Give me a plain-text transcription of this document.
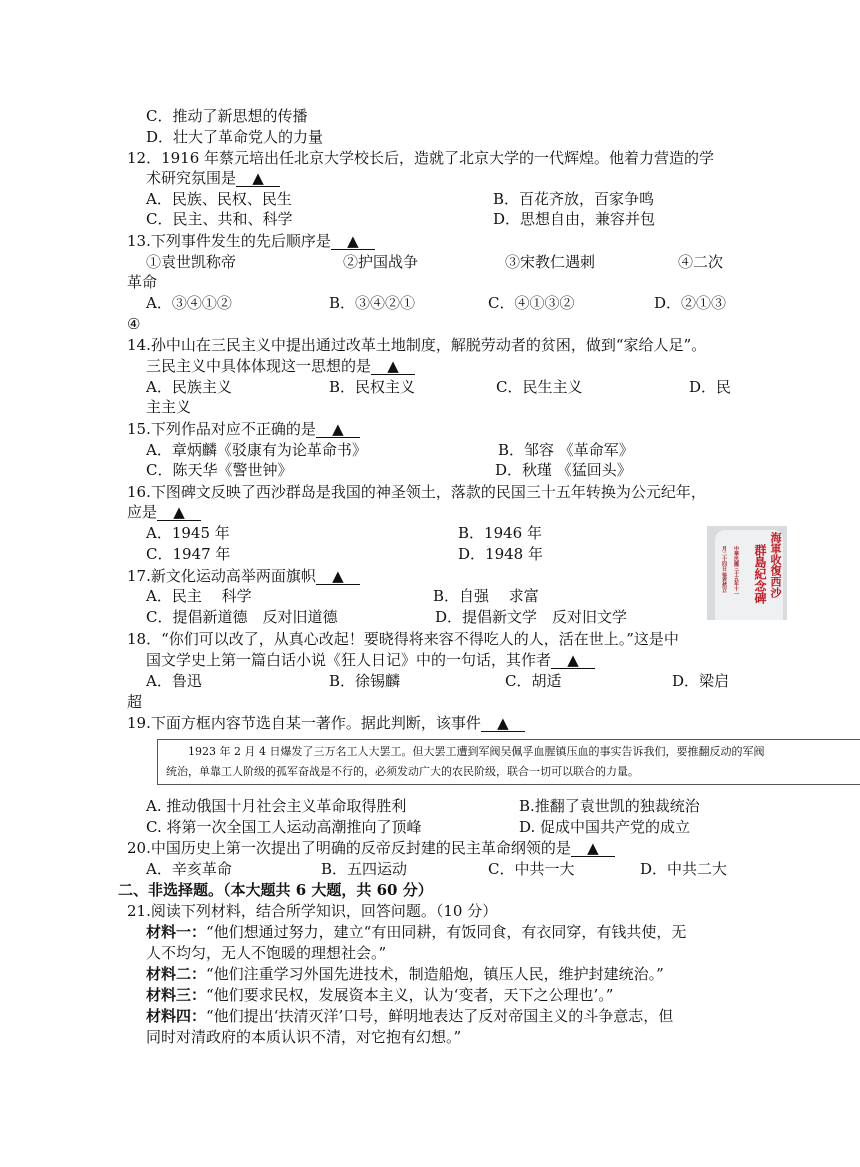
C．推动了新思想的传播
D．壮大了革命党人的力量
12．1916 年蔡元培出任北京大学校长后，造就了北京大学的一代辉煌。他着力营造的学
术研究氛围是 ▲
A．民族、民权、民生	B．百花齐放，百家争鸣
C．民主、共和、科学	D．思想自由，兼容并包
13.下列事件发生的先后顺序是 ▲
①袁世凯称帝	②护国战争	③宋教仁遇刺	④二次
革命
A．③④①②	B．③④②①	C．④①③②	D．②①③
④
14.孙中山在三民主义中提出通过改革土地制度，解脱劳动者的贫困，做到“家给人足”。
三民主义中具体体现这一思想的是 ▲
A．民族主义	B．民权主义	C．民生主义	D．民
主主义
15.下列作品对应不正确的是 ▲
A．章炳麟《驳康有为论革命书》	B．邹容 《革命军》
C．陈天华《警世钟》	D．秋瑾 《猛回头》
16.下图碑文反映了西沙群岛是我国的神圣领土，落款的民国三十五年转换为公元纪年，
应是 ▲
A．1945 年	B．1946 年
C．1947 年	D．1948 年
17.新文化运动高举两面旗帜 ▲
A．民主　 科学	B．自强　 求富
C．提倡新道德　反对旧道德	D．提倡新文学　反对旧文学
18．“你们可以改了，从真心改起！要晓得将来容不得吃人的人，活在世上。”这是中
国文学史上第一篇白话小说《狂人日记》中的一句话，其作者 ▲
A．鲁迅	B．徐锡麟	C．胡适	D．梁启
超
19.下面方框内容节选自某一著作。据此判断，该事件 ▲
A. 推动俄国十月社会主义革命取得胜利	B.推翻了袁世凯的独裁统治
C. 将第一次全国工人运动高潮推向了顶峰	D. 促成中国共产党的成立
20.中国历史上第一次提出了明确的反帝反封建的民主革命纲领的是 ▲
A．辛亥革命	B．五四运动	C．中共一大	D．中共二大
二、非选择题。（本大题共 6 大题，共 60 分）
21.阅读下列材料，结合所学知识，回答问题。（10 分）
材料一：“他们想通过努力，建立“有田同耕，有饭同食，有衣同穿，有钱共使，无
人不均匀，无人不饱暖的理想社会。”
材料二：“他们注重学习外国先进技术，制造船炮，镇压人民，维护封建统治。”
材料三：“他们要求民权，发展资本主义，认为‘变者，天下之公理也’。”
材料四：“他们提出‘扶清灭洋’口号，鲜明地表达了反对帝国主义的斗争意志，但
同时对清政府的本质认识不清，对它抱有幻想。”
1923 年 2 月 4 日爆发了三万名工人大罢工。但大罢工遭到军阀吴佩孚血腥镇压血的事实告诉我们，要推翻反动的军阀
统治，单靠工人阶级的孤军奋战是不行的，必须发动广大的农民阶级，联合一切可以联合的力量。
海軍收復西沙
群島紀念碑
中華民國三十五年十一
月二十四日 張君然立
